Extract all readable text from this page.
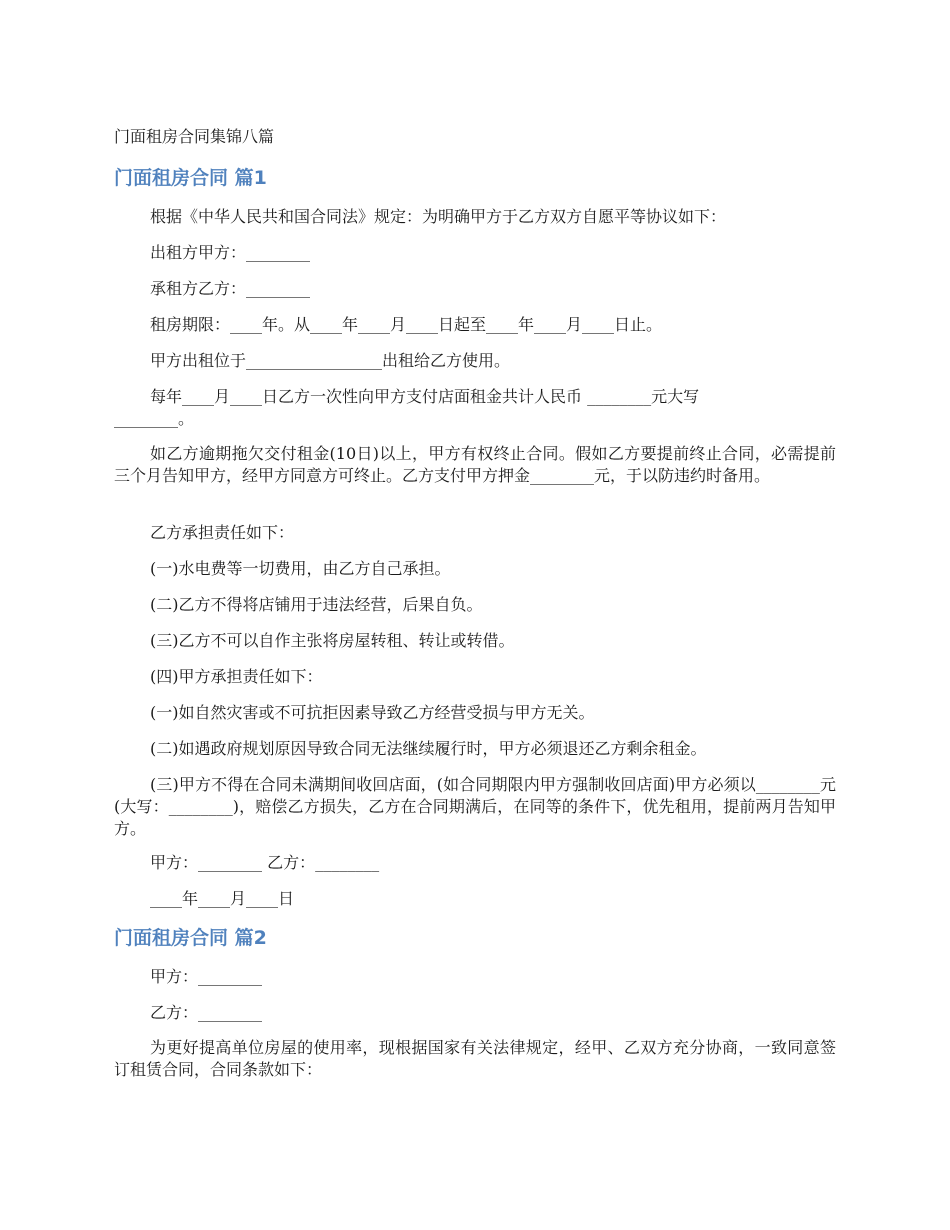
门面租房合同集锦八篇
门面租房合同 篇1
根据《中华人民共和国合同法》规定：为明确甲方于乙方双方自愿平等协议如下：
出租方甲方：________
承租方乙方：________
租房期限：____年。从____年____月____日起至____年____月____日止。
甲方出租位于_________________出租给乙方使用。
每年____月____日乙方一次性向甲方支付店面租金共计人民币 ________元大写
________。
如乙方逾期拖欠交付租金(10日)以上，甲方有权终止合同。假如乙方要提前终止合同，必需提前三个月告知甲方，经甲方同意方可终止。乙方支付甲方押金________元，于以防违约时备用。
乙方承担责任如下：
(一)水电费等一切费用，由乙方自己承担。
(二)乙方不得将店铺用于违法经营，后果自负。
(三)乙方不可以自作主张将房屋转租、转让或转借。
(四)甲方承担责任如下：
(一)如自然灾害或不可抗拒因素导致乙方经营受损与甲方无关。
(二)如遇政府规划原因导致合同无法继续履行时，甲方必须退还乙方剩余租金。
(三)甲方不得在合同未满期间收回店面，(如合同期限内甲方强制收回店面)甲方必须以________元(大写：________)，赔偿乙方损失，乙方在合同期满后，在同等的条件下，优先租用，提前两月告知甲方。
甲方：________ 乙方：________
____年____月____日
门面租房合同 篇2
甲方：________
乙方：________
为更好提高单位房屋的使用率，现根据国家有关法律规定，经甲、乙双方充分协商，一致同意签订租赁合同，合同条款如下：
